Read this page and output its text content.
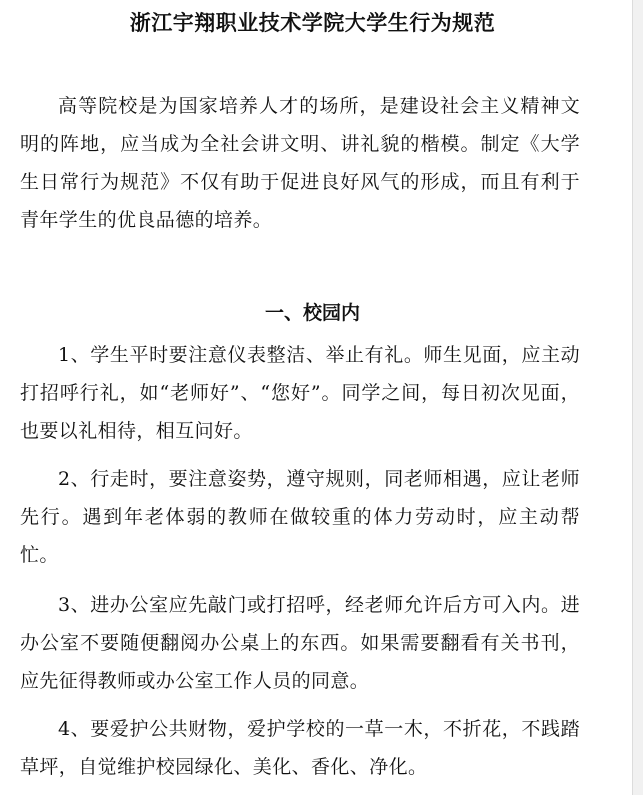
浙江宇翔职业技术学院大学生行为规范

高等院校是为国家培养人才的场所，是建设社会主义精神文明的阵地，应当成为全社会讲文明、讲礼貌的楷模。制定《大学生日常行为规范》不仅有助于促进良好风气的形成，而且有利于青年学生的优良品德的培养。

一、校园内

1、学生平时要注意仪表整洁、举止有礼。师生见面，应主动打招呼行礼，如“老师好”、“您好”。同学之间，每日初次见面，也要以礼相待，相互问好。

2、行走时，要注意姿势，遵守规则，同老师相遇，应让老师先行。遇到年老体弱的教师在做较重的体力劳动时，应主动帮忙。

3、进办公室应先敲门或打招呼，经老师允许后方可入内。进办公室不要随便翻阅办公桌上的东西。如果需要翻看有关书刊，应先征得教师或办公室工作人员的同意。

4、要爱护公共财物，爱护学校的一草一木，不折花，不践踏草坪，自觉维护校园绿化、美化、香化、净化。
